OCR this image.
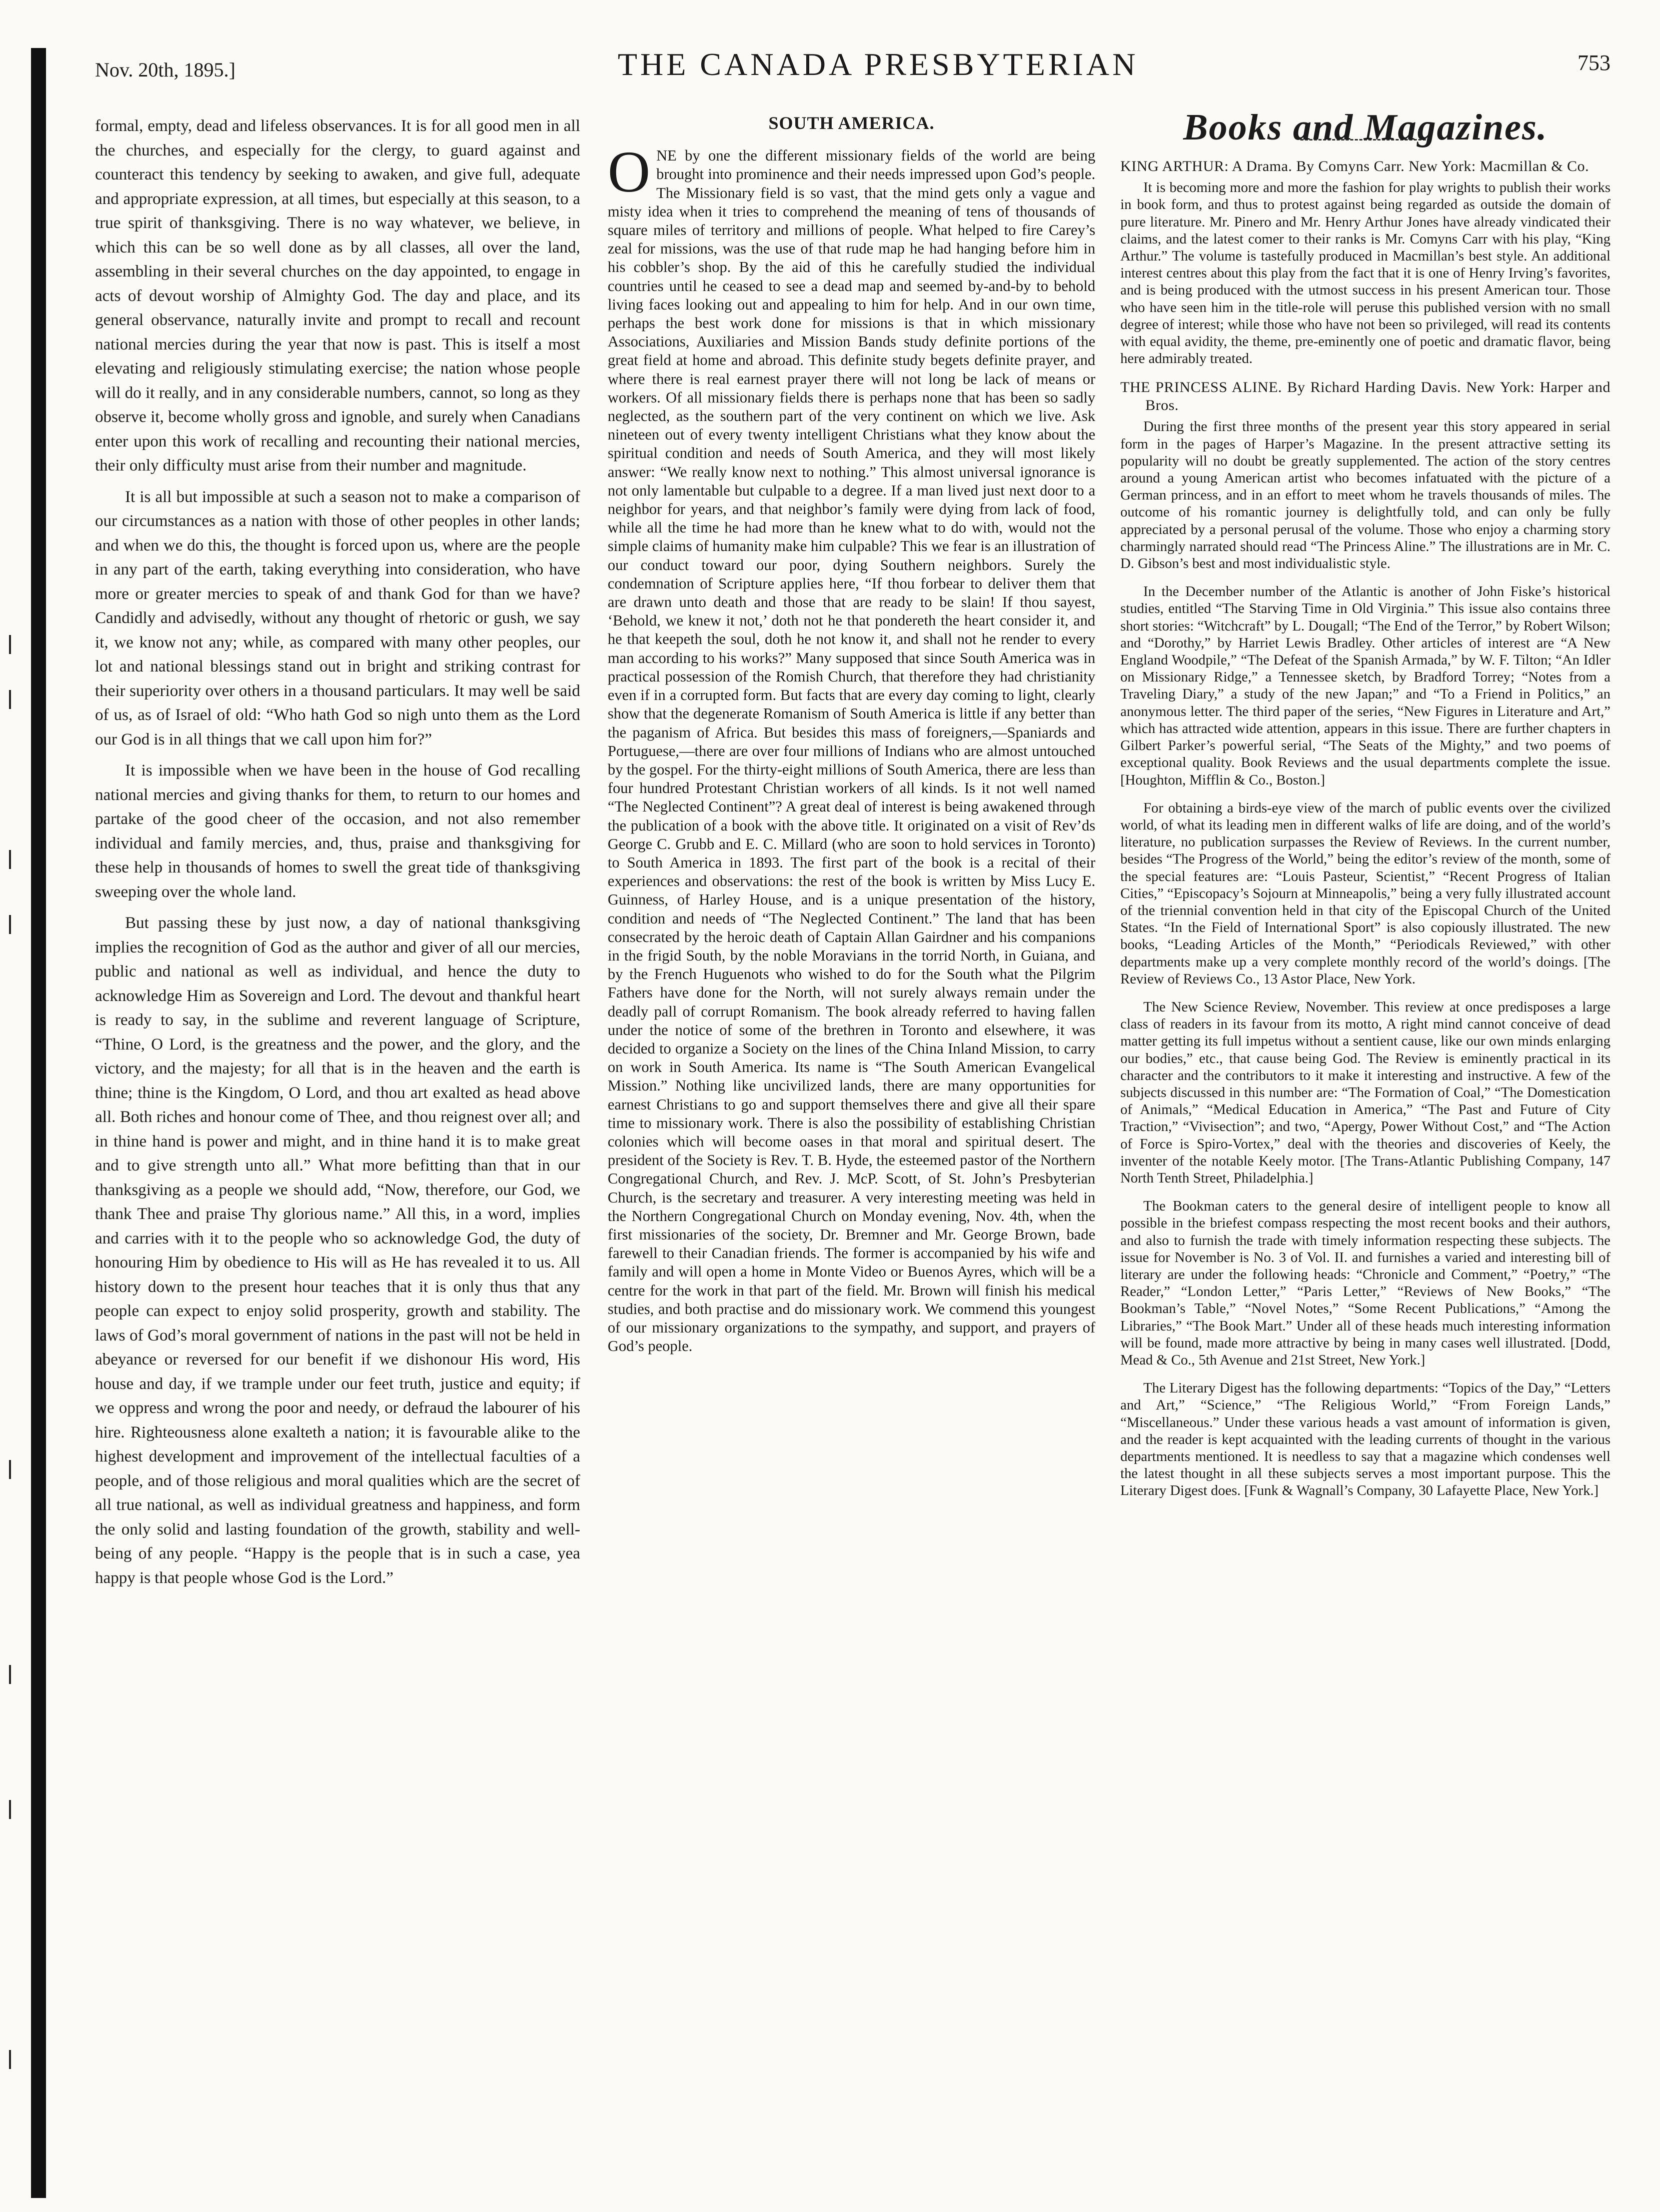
Nov. 20th, 1895.]	THE CANADA PRESBYTERIAN	753

formal, empty, dead and lifeless observances. It is for all good men in all the churches, and especially for the clergy, to guard against and counteract this tendency by seeking to awaken, and give full, adequate and appropriate expression, at all times, but especially at this season, to a true spirit of thanksgiving. There is no way whatever, we believe, in which this can be so well done as by all classes, all over the land, assembling in their several churches on the day appointed, to engage in acts of devout worship of Almighty God. The day and place, and its general observance, naturally invite and prompt to recall and recount national mercies during the year that now is past. This is itself a most elevating and religiously stimulating exercise; the nation whose people will do it really, and in any considerable numbers, cannot, so long as they observe it, become wholly gross and ignoble, and surely when Canadians enter upon this work of recalling and recounting their national mercies, their only difficulty must arise from their number and magnitude.

It is all but impossible at such a season not to make a comparison of our circumstances as a nation with those of other peoples in other lands; and when we do this, the thought is forced upon us, where are the people in any part of the earth, taking everything into consideration, who have more or greater mercies to speak of and thank God for than we have? Candidly and advisedly, without any thought of rhetoric or gush, we say it, we know not any; while, as compared with many other peoples, our lot and national blessings stand out in bright and striking contrast for their superiority over others in a thousand particulars. It may well be said of us, as of Israel of old: “Who hath God so nigh unto them as the Lord our God is in all things that we call upon him for?”

It is impossible when we have been in the house of God recalling national mercies and giving thanks for them, to return to our homes and partake of the good cheer of the occasion, and not also remember individual and family mercies, and, thus, praise and thanksgiving for these help in thousands of homes to swell the great tide of thanksgiving sweeping over the whole land.

But passing these by just now, a day of national thanksgiving implies the recognition of God as the author and giver of all our mercies, public and national as well as individual, and hence the duty to acknowledge Him as Sovereign and Lord. The devout and thankful heart is ready to say, in the sublime and reverent language of Scripture, “Thine, O Lord, is the greatness and the power, and the glory, and the victory, and the majesty; for all that is in the heaven and the earth is thine; thine is the Kingdom, O Lord, and thou art exalted as head above all. Both riches and honour come of Thee, and thou reignest over all; and in thine hand is power and might, and in thine hand it is to make great and to give strength unto all.” What more befitting than that in our thanksgiving as a people we should add, “Now, therefore, our God, we thank Thee and praise Thy glorious name.” All this, in a word, implies and carries with it to the people who so acknowledge God, the duty of honouring Him by obedience to His will as He has revealed it to us. All history down to the present hour teaches that it is only thus that any people can expect to enjoy solid prosperity, growth and stability. The laws of God’s moral government of nations in the past will not be held in abeyance or reversed for our benefit if we dishonour His word, His house and day, if we trample under our feet truth, justice and equity; if we oppress and wrong the poor and needy, or defraud the labourer of his hire. Righteousness alone exalteth a nation; it is favourable alike to the highest development and improvement of the intellectual faculties of a people, and of those religious and moral qualities which are the secret of all true national, as well as individual greatness and happiness, and form the only solid and lasting foundation of the growth, stability and well-being of any people. “Happy is the people that is in such a case, yea happy is that people whose God is the Lord.”

SOUTH AMERICA.

ONE by one the different missionary fields of the world are being brought into prominence and their needs impressed upon God’s people. The Missionary field is so vast, that the mind gets only a vague and misty idea when it tries to comprehend the meaning of tens of thousands of square miles of territory and millions of people. What helped to fire Carey’s zeal for missions, was the use of that rude map he had hanging before him in his cobbler’s shop. By the aid of this he carefully studied the individual countries until he ceased to see a dead map and seemed by-and-by to behold living faces looking out and appealing to him for help. And in our own time, perhaps the best work done for missions is that in which missionary Associations, Auxiliaries and Mission Bands study definite portions of the great field at home and abroad. This definite study begets definite prayer, and where there is real earnest prayer there will not long be lack of means or workers. Of all missionary fields there is perhaps none that has been so sadly neglected, as the southern part of the very continent on which we live. Ask nineteen out of every twenty intelligent Christians what they know about the spiritual condition and needs of South America, and they will most likely answer: “We really know next to nothing.” This almost universal ignorance is not only lamentable but culpable to a degree. If a man lived just next door to a neighbor for years, and that neighbor’s family were dying from lack of food, while all the time he had more than he knew what to do with, would not the simple claims of humanity make him culpable? This we fear is an illustration of our conduct toward our poor, dying Southern neighbors. Surely the condemnation of Scripture applies here, “If thou forbear to deliver them that are drawn unto death and those that are ready to be slain! If thou sayest, ‘Behold, we knew it not,’ doth not he that pondereth the heart consider it, and he that keepeth the soul, doth he not know it, and shall not he render to every man according to his works?” Many supposed that since South America was in practical possession of the Romish Church, that therefore they had christianity even if in a corrupted form. But facts that are every day coming to light, clearly show that the degenerate Romanism of South America is little if any better than the paganism of Africa. But besides this mass of foreigners,—Spaniards and Portuguese,—there are over four millions of Indians who are almost untouched by the gospel. For the thirty-eight millions of South America, there are less than four hundred Protestant Christian workers of all kinds. Is it not well named “The Neglected Continent”? A great deal of interest is being awakened through the publication of a book with the above title. It originated on a visit of Rev’ds George C. Grubb and E. C. Millard (who are soon to hold services in Toronto) to South America in 1893. The first part of the book is a recital of their experiences and observations: the rest of the book is written by Miss Lucy E. Guinness, of Harley House, and is a unique presentation of the history, condition and needs of “The Neglected Continent.” The land that has been consecrated by the heroic death of Captain Allan Gairdner and his companions in the frigid South, by the noble Moravians in the torrid North, in Guiana, and by the French Huguenots who wished to do for the South what the Pilgrim Fathers have done for the North, will not surely always remain under the deadly pall of corrupt Romanism. The book already referred to having fallen under the notice of some of the brethren in Toronto and elsewhere, it was decided to organize a Society on the lines of the China Inland Mission, to carry on work in South America. Its name is “The South American Evangelical Mission.” Nothing like uncivilized lands, there are many opportunities for earnest Christians to go and support themselves there and give all their spare time to missionary work. There is also the possibility of establishing Christian colonies which will become oases in that moral and spiritual desert. The president of the Society is Rev. T. B. Hyde, the esteemed pastor of the Northern Congregational Church, and Rev. J. McP. Scott, of St. John’s Presbyterian Church, is the secretary and treasurer. A very interesting meeting was held in the Northern Congregational Church on Monday evening, Nov. 4th, when the first missionaries of the society, Dr. Bremner and Mr. George Brown, bade farewell to their Canadian friends. The former is accompanied by his wife and family and will open a home in Monte Video or Buenos Ayres, which will be a centre for the work in that part of the field. Mr. Brown will finish his medical studies, and both practise and do missionary work. We commend this youngest of our missionary organizations to the sympathy, and support, and prayers of God’s people.

Books and Magazines.
KING ARTHUR: A Drama. By Comyns Carr. New York: Macmillan & Co.

It is becoming more and more the fashion for play wrights to publish their works in book form, and thus to protest against being regarded as outside the domain of pure literature. Mr. Pinero and Mr. Henry Arthur Jones have already vindicated their claims, and the latest comer to their ranks is Mr. Comyns Carr with his play, “King Arthur.” The volume is tastefully produced in Macmillan’s best style. An additional interest centres about this play from the fact that it is one of Henry Irving’s favorites, and is being produced with the utmost success in his present American tour. Those who have seen him in the title-role will peruse this published version with no small degree of interest; while those who have not been so privileged, will read its contents with equal avidity, the theme, pre-eminently one of poetic and dramatic flavor, being here admirably treated.

THE PRINCESS ALINE. By Richard Harding Davis. New York: Harper and Bros.

During the first three months of the present year this story appeared in serial form in the pages of Harper’s Magazine. In the present attractive setting its popularity will no doubt be greatly supplemented. The action of the story centres around a young American artist who becomes infatuated with the picture of a German princess, and in an effort to meet whom he travels thousands of miles. The outcome of his romantic journey is delightfully told, and can only be fully appreciated by a personal perusal of the volume. Those who enjoy a charming story charmingly narrated should read “The Princess Aline.” The illustrations are in Mr. C. D. Gibson’s best and most individualistic style.

In the December number of the Atlantic is another of John Fiske’s historical studies, entitled “The Starving Time in Old Virginia.” This issue also contains three short stories: “Witchcraft” by L. Dougall; “The End of the Terror,” by Robert Wilson; and “Dorothy,” by Harriet Lewis Bradley. Other articles of interest are “A New England Woodpile,” “The Defeat of the Spanish Armada,” by W. F. Tilton; “An Idler on Missionary Ridge,” a Tennessee sketch, by Bradford Torrey; “Notes from a Traveling Diary,” a study of the new Japan;” and “To a Friend in Politics,” an anonymous letter. The third paper of the series, “New Figures in Literature and Art,” which has attracted wide attention, appears in this issue. There are further chapters in Gilbert Parker’s powerful serial, “The Seats of the Mighty,” and two poems of exceptional quality. Book Reviews and the usual departments complete the issue. [Houghton, Mifflin & Co., Boston.]

For obtaining a birds-eye view of the march of public events over the civilized world, of what its leading men in different walks of life are doing, and of the world’s literature, no publication surpasses the Review of Reviews. In the current number, besides “The Progress of the World,” being the editor’s review of the month, some of the special features are: “Louis Pasteur, Scientist,” “Recent Progress of Italian Cities,” “Episcopacy’s Sojourn at Minneapolis,” being a very fully illustrated account of the triennial convention held in that city of the Episcopal Church of the United States. “In the Field of International Sport” is also copiously illustrated. The new books, “Leading Articles of the Month,” “Periodicals Reviewed,” with other departments make up a very complete monthly record of the world’s doings. [The Review of Reviews Co., 13 Astor Place, New York.

The New Science Review, November. This review at once predisposes a large class of readers in its favour from its motto, A right mind cannot conceive of dead matter getting its full impetus without a sentient cause, like our own minds enlarging our bodies,” etc., that cause being God. The Review is eminently practical in its character and the contributors to it make it interesting and instructive. A few of the subjects discussed in this number are: “The Formation of Coal,” “The Domestication of Animals,” “Medical Education in America,” “The Past and Future of City Traction,” “Vivisection”; and two, “Apergy, Power Without Cost,” and “The Action of Force is Spiro-Vortex,” deal with the theories and discoveries of Keely, the inventer of the notable Keely motor. [The Trans-Atlantic Publishing Company, 147 North Tenth Street, Philadelphia.]

The Bookman caters to the general desire of intelligent people to know all possible in the briefest compass respecting the most recent books and their authors, and also to furnish the trade with timely information respecting these subjects. The issue for November is No. 3 of Vol. II. and furnishes a varied and interesting bill of literary are under the following heads: “Chronicle and Comment,” “Poetry,” “The Reader,” “London Letter,” “Paris Letter,” “Reviews of New Books,” “The Bookman’s Table,” “Novel Notes,” “Some Recent Publications,” “Among the Libraries,” “The Book Mart.” Under all of these heads much interesting information will be found, made more attractive by being in many cases well illustrated. [Dodd, Mead & Co., 5th Avenue and 21st Street, New York.]

The Literary Digest has the following departments: “Topics of the Day,” “Letters and Art,” “Science,” “The Religious World,” “From Foreign Lands,” “Miscellaneous.” Under these various heads a vast amount of information is given, and the reader is kept acquainted with the leading currents of thought in the various departments mentioned. It is needless to say that a magazine which condenses well the latest thought in all these subjects serves a most important purpose. This the Literary Digest does. [Funk & Wagnall’s Company, 30 Lafayette Place, New York.]
